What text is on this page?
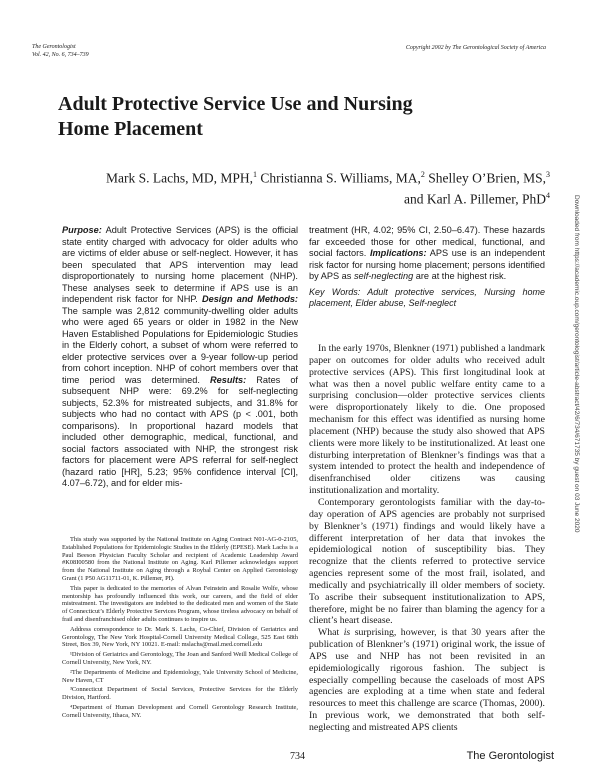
The Gerontologist
Vol. 42, No. 6, 734–739
Copyright 2002 by The Gerontological Society of America
Adult Protective Service Use and Nursing Home Placement
Mark S. Lachs, MD, MPH,$^1$ Christianna S. Williams, MA,$^2$ Shelley O’Brien, MS,$^3$
and Karl A. Pillemer, PhD$^4$
Purpose: Adult Protective Services (APS) is the official state entity charged with advocacy for older adults who are victims of elder abuse or self-neglect. However, it has been speculated that APS intervention may lead disproportionately to nursing home placement (NHP). These analyses seek to determine if APS use is an independent risk factor for NHP. Design and Methods: The sample was 2,812 community-dwelling older adults who were aged 65 years or older in 1982 in the New Haven Established Populations for Epidemiologic Studies in the Elderly cohort, a subset of whom were referred to elder protective services over a 9-year follow-up period from cohort inception. NHP of cohort members over that time period was determined. Results: Rates of subsequent NHP were: 69.2% for self-neglecting subjects, 52.3% for mistreated subjects, and 31.8% for subjects who had no contact with APS (p < .001, both comparisons). In proportional hazard models that included other demographic, medical, functional, and social factors associated with NHP, the strongest risk factors for placement were APS referral for self-neglect (hazard ratio [HR], 5.23; 95% confidence interval [CI], 4.07–6.72), and for elder mis-
treatment (HR, 4.02; 95% CI, 2.50–6.47). These hazards far exceeded those for other medical, functional, and social factors. Implications: APS use is an independent risk factor for nursing home placement; persons identified by APS as self-neglecting are at the highest risk.
Key Words: Adult protective services, Nursing home placement, Elder abuse, Self-neglect

This study was supported by the National Institute on Aging Contract N01-AG-0-2105, Established Populations for Epidemiologic Studies in the Elderly (EPESE). Mark Lachs is a Paul Beeson Physician Faculty Scholar and recipient of Academic Leadership Award #K08I00580 from the National Institute on Aging. Karl Pillemer acknowledges support from the National Institute on Aging through a Roybal Center on Applied Gerontology Grant (1 P50 AG11711-01, K. Pillemer, PI).

This paper is dedicated to the memories of Alvan Feinstein and Rosalie Wolfe, whose mentorship has profoundly influenced this work, our careers, and the field of elder mistreatment. The investigators are indebted to the dedicated men and women of the State of Connecticut’s Elderly Protective Services Program, whose tireless advocacy on behalf of frail and disenfranchised older adults continues to inspire us.

Address correspondence to Dr. Mark S. Lachs, Co-Chief, Division of Geriatrics and Gerontology, The New York Hospital-Cornell University Medical College, 525 East 68th Street, Box 39, New York, NY 10021. E-mail: mslachs@mail.med.cornell.edu

¹Division of Geriatrics and Gerontology, The Joan and Sanford Weill Medical College of Cornell University, New York, NY.

²The Departments of Medicine and Epidemiology, Yale University School of Medicine, New Haven, CT

³Connecticut Department of Social Services, Protective Services for the Elderly Division, Hartford.

⁴Department of Human Development and Cornell Gerontology Research Institute, Cornell University, Ithaca, NY.

In the early 1970s, Blenkner (1971) published a landmark paper on outcomes for older adults who received adult protective services (APS). This first longitudinal look at what was then a novel public welfare entity came to a surprising conclusion—older protective services clients were disproportionately likely to die. One proposed mechanism for this effect was identified as nursing home placement (NHP) because the study also showed that APS clients were more likely to be institutionalized. At least one disturbing interpretation of Blenkner’s findings was that a system intended to protect the health and independence of disenfranchised older citizens was causing institutionalization and mortality.

Contemporary gerontologists familiar with the day-to-day operation of APS agencies are probably not surprised by Blenkner’s (1971) findings and would likely have a different interpretation of her data that invokes the epidemiological notion of susceptibility bias. They recognize that the clients referred to protective service agencies represent some of the most frail, isolated, and medically and psychiatrically ill older members of society. To ascribe their subsequent institutionalization to APS, therefore, might be no fairer than blaming the agency for a client’s heart disease.

What is surprising, however, is that 30 years after the publication of Blenkner’s (1971) original work, the issue of APS use and NHP has not been revisited in an epidemiologically rigorous fashion. The subject is especially compelling because the caseloads of most APS agencies are exploding at a time when state and federal resources to meet this challenge are scarce (Thomas, 2000). In previous work, we demonstrated that both self-neglecting and mistreated APS clients

Downloaded from https://academic.oup.com/gerontologist/article-abstract/42/6/734/671735 by guest on 03 June 2020
734	The Gerontologist
